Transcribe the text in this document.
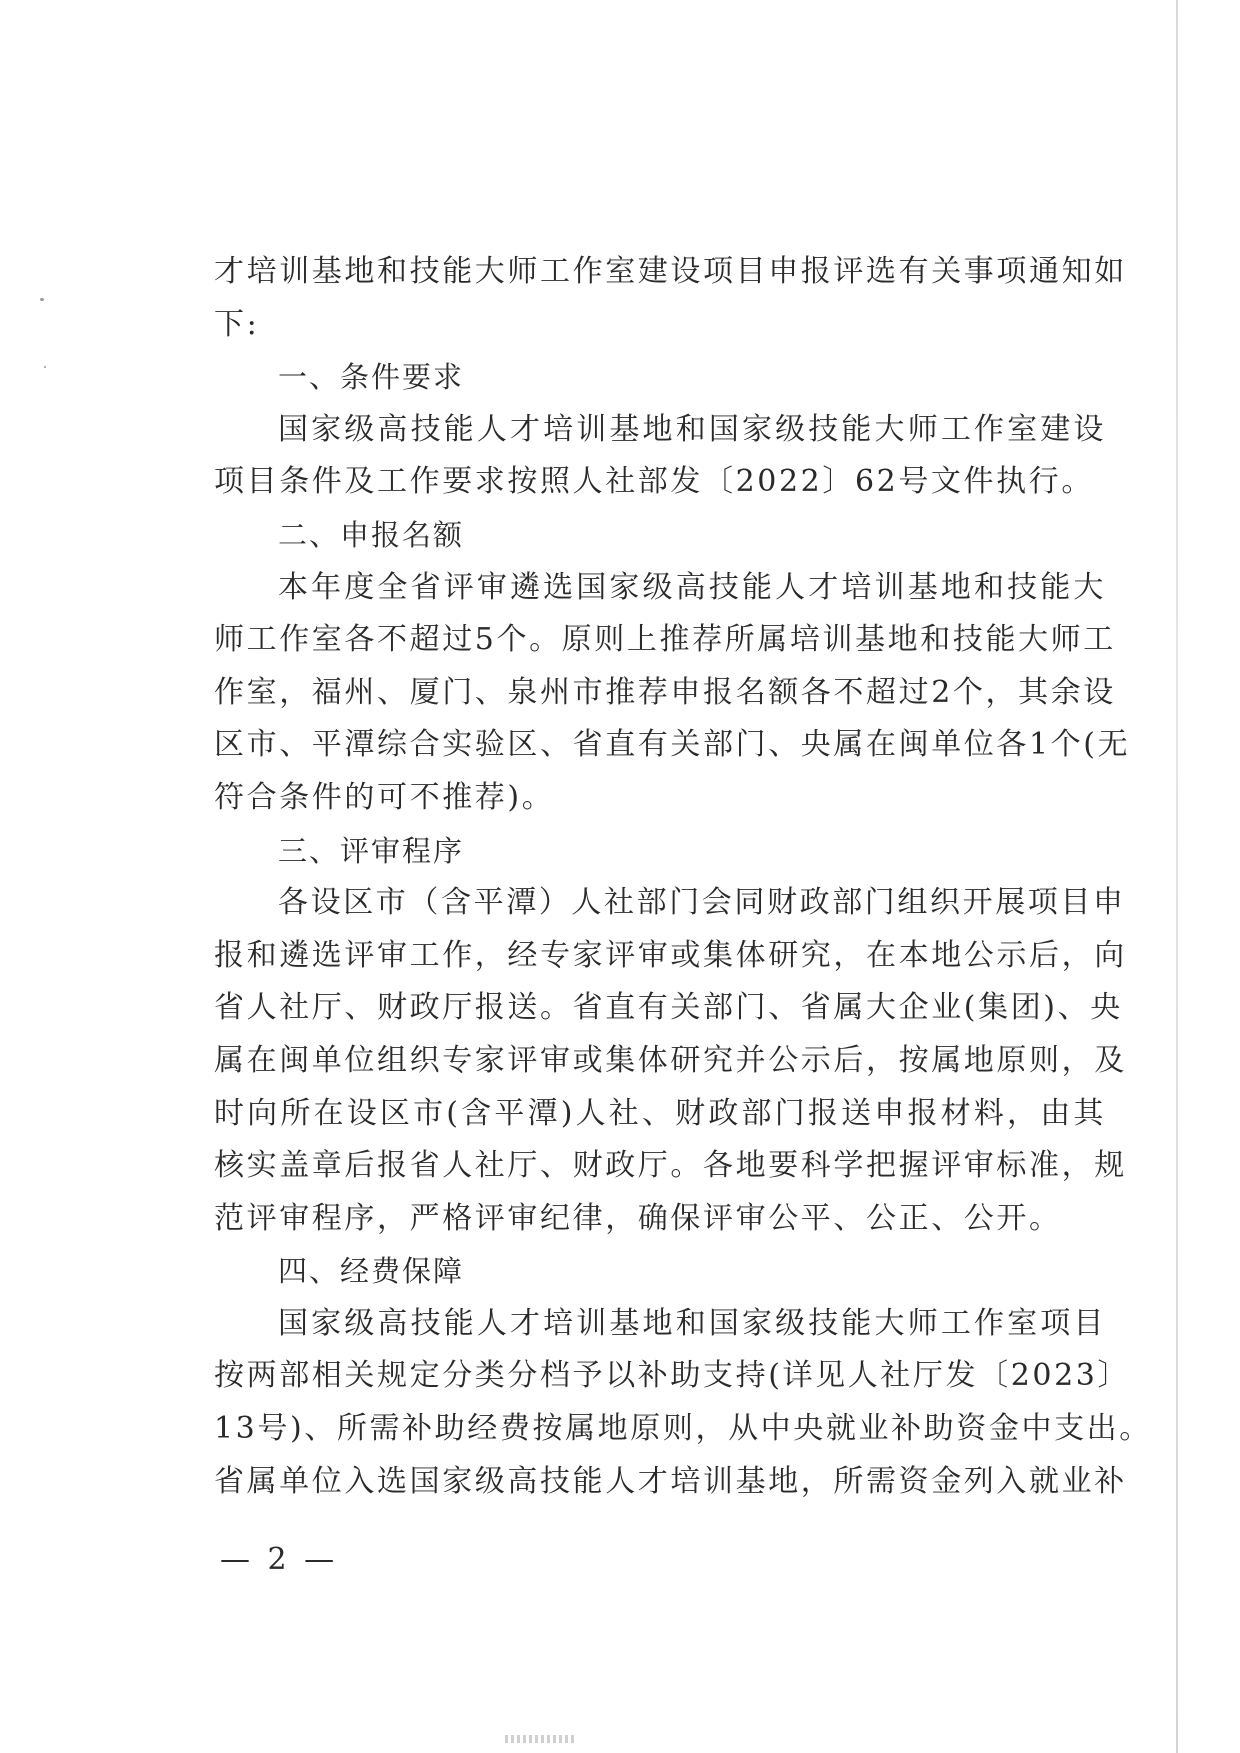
才培训基地和技能大师工作室建设项目申报评选有关事项通知如
下:
一、条件要求
国家级高技能人才培训基地和国家级技能大师工作室建设
项目条件及工作要求按照人社部发〔2022〕62号文件执行。
二、申报名额
本年度全省评审遴选国家级高技能人才培训基地和技能大
师工作室各不超过5个。原则上推荐所属培训基地和技能大师工
作室，福州、厦门、泉州市推荐申报名额各不超过2个，其余设
区市、平潭综合实验区、省直有关部门、央属在闽单位各1个(无
符合条件的可不推荐)。
三、评审程序
各设区市（含平潭）人社部门会同财政部门组织开展项目申
报和遴选评审工作，经专家评审或集体研究，在本地公示后，向
省人社厅、财政厅报送。省直有关部门、省属大企业(集团)、央
属在闽单位组织专家评审或集体研究并公示后，按属地原则，及
时向所在设区市(含平潭)人社、财政部门报送申报材料，由其
核实盖章后报省人社厅、财政厅。各地要科学把握评审标准，规
范评审程序，严格评审纪律，确保评审公平、公正、公开。
四、经费保障
国家级高技能人才培训基地和国家级技能大师工作室项目
按两部相关规定分类分档予以补助支持(详见人社厅发〔2023〕
13号)、所需补助经费按属地原则，从中央就业补助资金中支出。
省属单位入选国家级高技能人才培训基地，所需资金列入就业补
— 2 —
